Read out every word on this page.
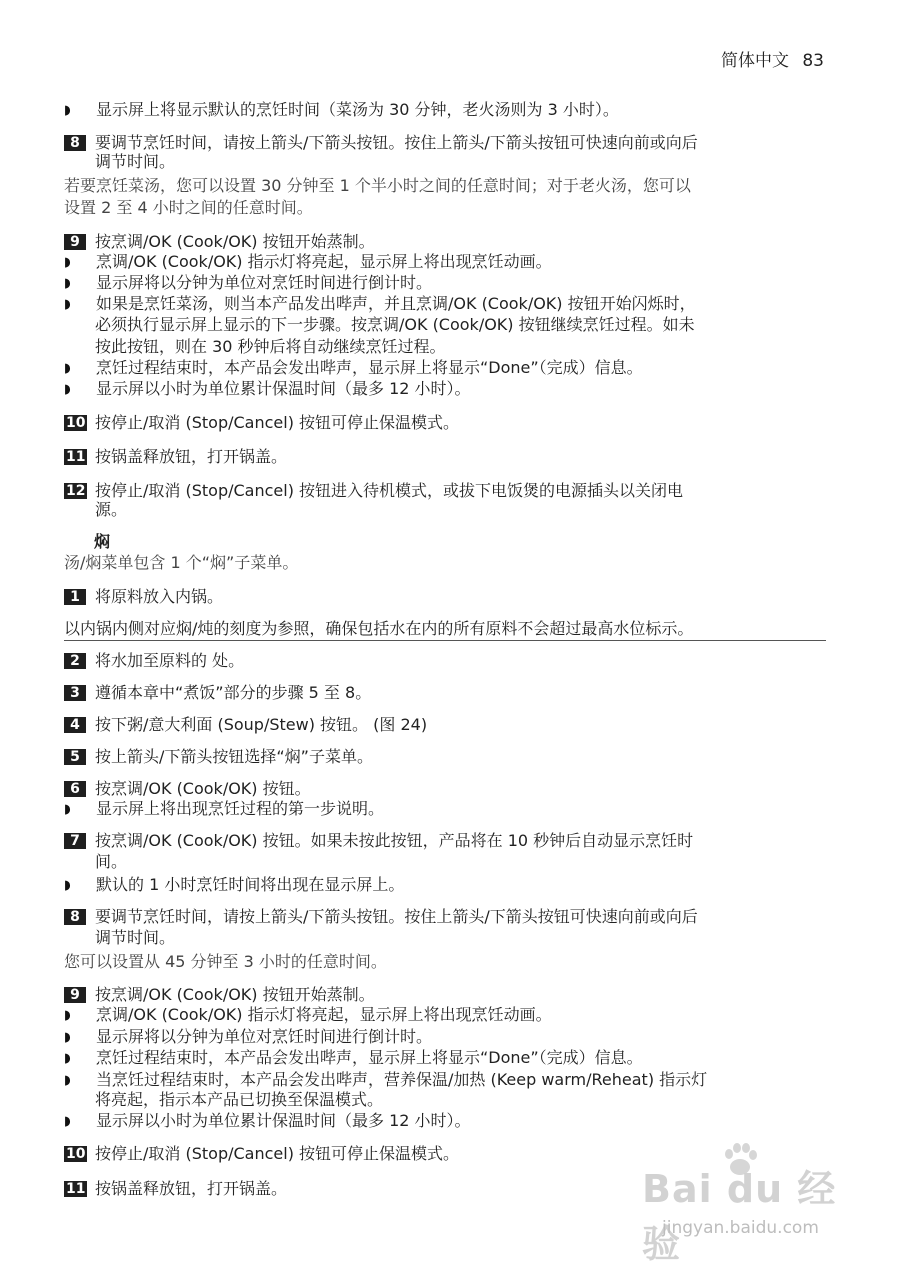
简体中文 83
◗ 显示屏上将显示默认的烹饪时间（菜汤为 30 分钟，老火汤则为 3 小时）。
8 要调节烹饪时间，请按上箭头/下箭头按钮。按住上箭头/下箭头按钮可快速向前或向后
调节时间。
若要烹饪菜汤，您可以设置 30 分钟至 1 个半小时之间的任意时间；对于老火汤，您可以
设置 2 至 4 小时之间的任意时间。
9 按烹调/OK (Cook/OK) 按钮开始蒸制。
◗ 烹调/OK (Cook/OK) 指示灯将亮起，显示屏上将出现烹饪动画。
◗ 显示屏将以分钟为单位对烹饪时间进行倒计时。
◗ 如果是烹饪菜汤，则当本产品发出哔声，并且烹调/OK (Cook/OK) 按钮开始闪烁时，
必须执行显示屏上显示的下一步骤。按烹调/OK (Cook/OK) 按钮继续烹饪过程。如未
按此按钮，则在 30 秒钟后将自动继续烹饪过程。
◗ 烹饪过程结束时，本产品会发出哔声，显示屏上将显示“Done”（完成）信息。
◗ 显示屏以小时为单位累计保温时间（最多 12 小时）。
10 按停止/取消 (Stop/Cancel) 按钮可停止保温模式。
11 按锅盖释放钮，打开锅盖。
12 按停止/取消 (Stop/Cancel) 按钮进入待机模式，或拔下电饭煲的电源插头以关闭电
源。
焖
汤/焖菜单包含 1 个“焖”子菜单。
1 将原料放入内锅。
以内锅内侧对应焖/炖的刻度为参照，确保包括水在内的所有原料不会超过最高水位标示。
2 将水加至原料的 处。
3 遵循本章中“煮饭”部分的步骤 5 至 8。
4 按下粥/意大利面 (Soup/Stew) 按钮。 (图 24)
5 按上箭头/下箭头按钮选择“焖”子菜单。
6 按烹调/OK (Cook/OK) 按钮。
◗ 显示屏上将出现烹饪过程的第一步说明。
7 按烹调/OK (Cook/OK) 按钮。如果未按此按钮，产品将在 10 秒钟后自动显示烹饪时
间。
◗ 默认的 1 小时烹饪时间将出现在显示屏上。
8 要调节烹饪时间，请按上箭头/下箭头按钮。按住上箭头/下箭头按钮可快速向前或向后
调节时间。
您可以设置从 45 分钟至 3 小时的任意时间。
9 按烹调/OK (Cook/OK) 按钮开始蒸制。
◗ 烹调/OK (Cook/OK) 指示灯将亮起，显示屏上将出现烹饪动画。
◗ 显示屏将以分钟为单位对烹饪时间进行倒计时。
◗ 烹饪过程结束时，本产品会发出哔声，显示屏上将显示“Done”（完成）信息。
◗ 当烹饪过程结束时，本产品会发出哔声，营养保温/加热 (Keep warm/Reheat) 指示灯
将亮起，指示本产品已切换至保温模式。
◗ 显示屏以小时为单位累计保温时间（最多 12 小时）。
10 按停止/取消 (Stop/Cancel) 按钮可停止保温模式。
11 按锅盖释放钮，打开锅盖。	Bai du 经验
jingyan.baidu.com
